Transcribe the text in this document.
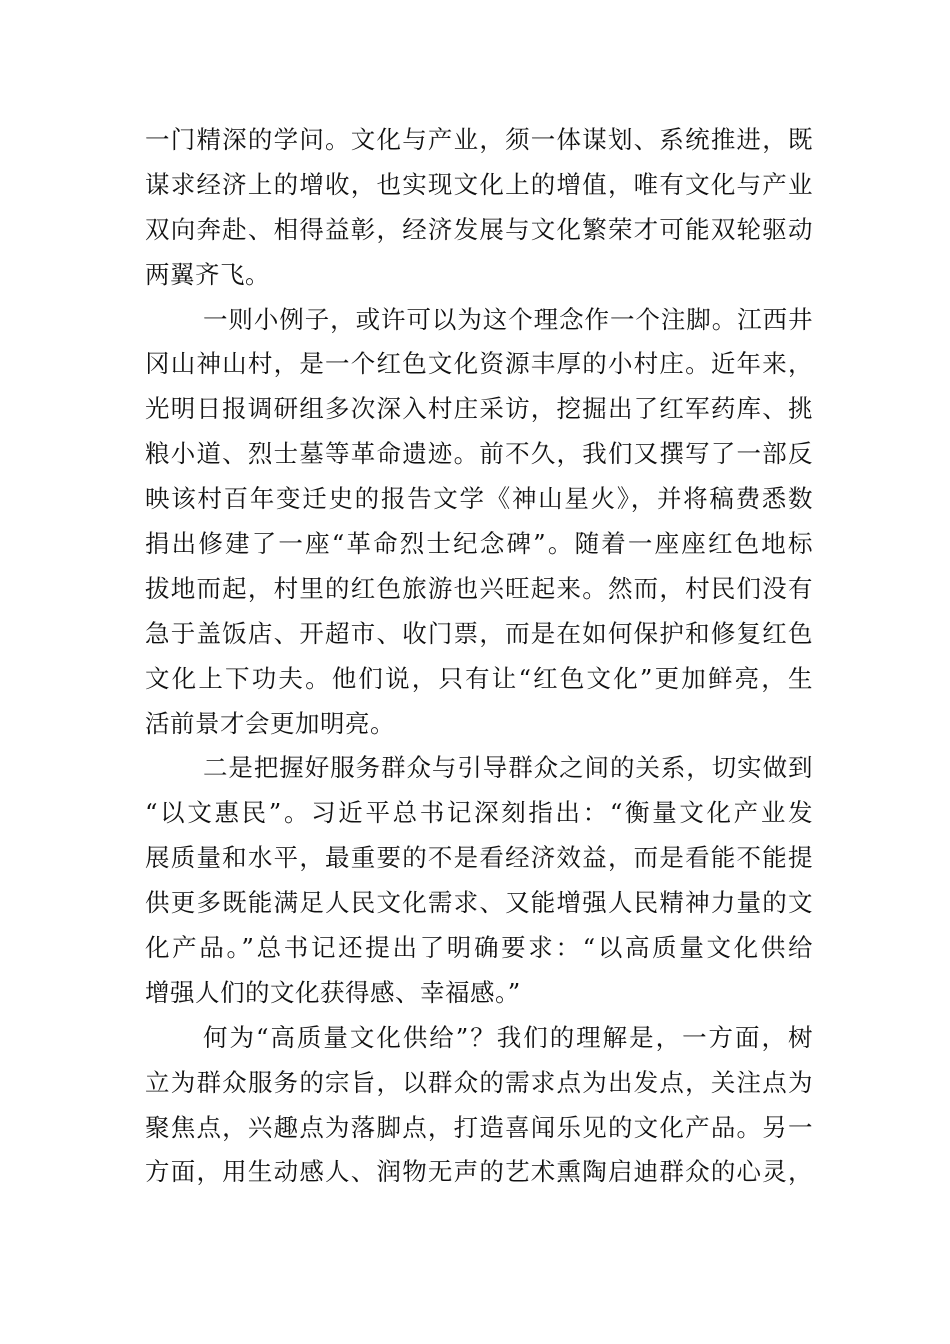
一门精深的学问。文化与产业，须一体谋划、系统推进，既
谋求经济上的增收，也实现文化上的增值，唯有文化与产业
双向奔赴、相得益彰，经济发展与文化繁荣才可能双轮驱动
两翼齐飞。
一则小例子，或许可以为这个理念作一个注脚。江西井
冈山神山村，是一个红色文化资源丰厚的小村庄。近年来，
光明日报调研组多次深入村庄采访，挖掘出了红军药库、挑
粮小道、烈士墓等革命遗迹。前不久，我们又撰写了一部反
映该村百年变迁史的报告文学《神山星火》，并将稿费悉数
捐出修建了一座“革命烈士纪念碑”。随着一座座红色地标
拔地而起，村里的红色旅游也兴旺起来。然而，村民们没有
急于盖饭店、开超市、收门票，而是在如何保护和修复红色
文化上下功夫。他们说，只有让“红色文化”更加鲜亮，生
活前景才会更加明亮。
二是把握好服务群众与引导群众之间的关系，切实做到
“以文惠民”。习近平总书记深刻指出：“衡量文化产业发
展质量和水平，最重要的不是看经济效益，而是看能不能提
供更多既能满足人民文化需求、又能增强人民精神力量的文
化产品。”总书记还提出了明确要求：“以高质量文化供给
增强人们的文化获得感、幸福感。”
何为“高质量文化供给”？我们的理解是，一方面，树
立为群众服务的宗旨，以群众的需求点为出发点，关注点为
聚焦点，兴趣点为落脚点，打造喜闻乐见的文化产品。另一
方面，用生动感人、润物无声的艺术熏陶启迪群众的心灵，
